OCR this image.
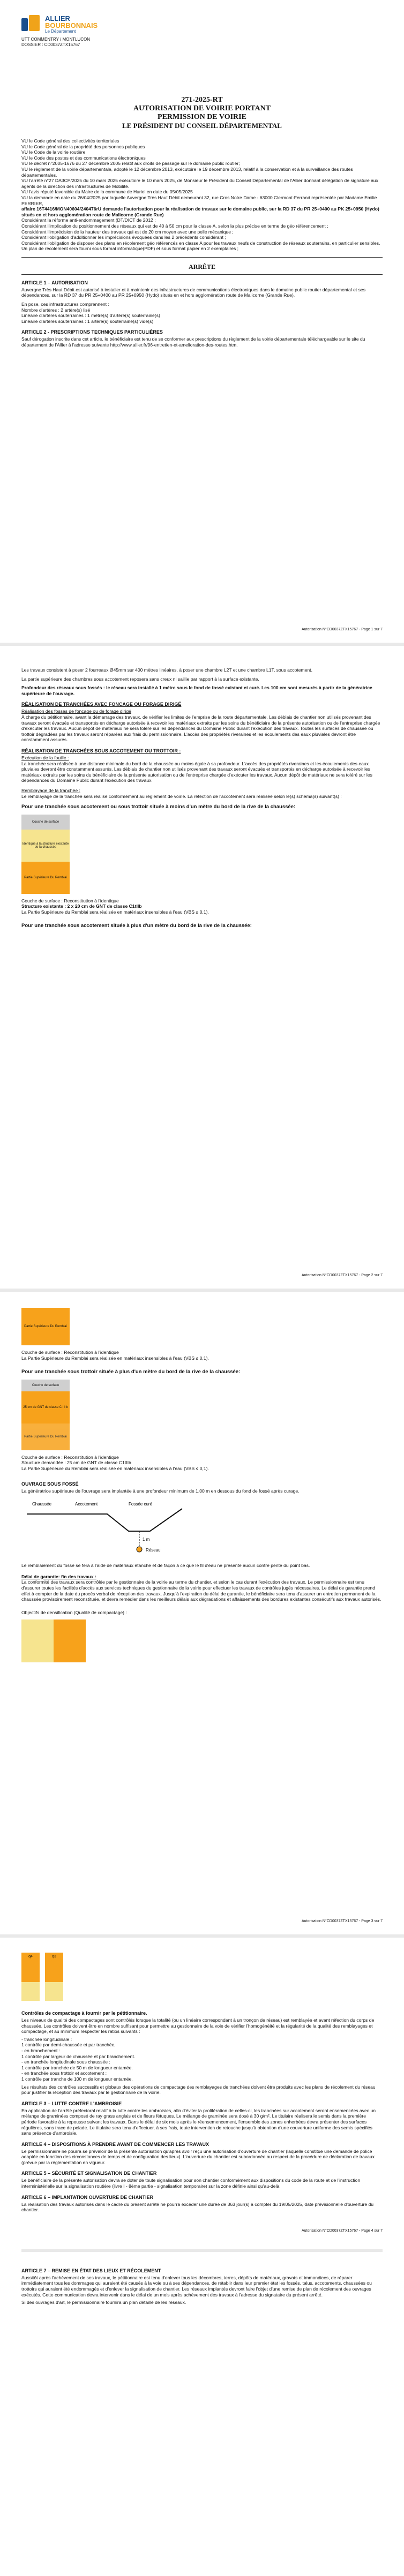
ALLIER
BOURBONNAIS
Le Département
UTT COMMENTRY / MONTLUCON
DOSSIER : CD0037ZTX15767
271-2025-RT
AUTORISATION DE VOIRIE PORTANT
PERMISSION DE VOIRIE
LE PRÉSIDENT DU CONSEIL DÉPARTEMENTAL

VU le Code général des collectivités territoriales

VU le Code général de la propriété des personnes publiques

VU le Code de la voirie routière

VU le Code des postes et des communications électroniques

VU le décret n°2005-1676 du 27 décembre 2005 relatif aux droits de passage sur le domaine public routier;

VU le règlement de la voirie départementale, adopté le 12 décembre 2013, exécutoire le 19 décembre 2013, relatif à la conservation et à la surveillance des routes départementales.

VU l'arrêté n°27 DA3CP/2025 du 10 mars 2025 exécutoire le 10 mars 2025, de Monsieur le Président du Conseil Départemental de l'Allier donnant délégation de signature aux agents de la direction des infrastructures de Mobilité.

VU l'avis réputé favorable du Maire de la commune de Huriel en date du 05/05/2025

VU la demande en date du 26/04/2025 par laquelle Auvergne Très Haut Débit demeurant 32, rue Cros Notre Dame - 63000 Clermont-Ferrand représentée par Madame Emilie PERRIER,

affaire 16T4416/MON40604/240476rU demande l'autorisation pour la réalisation de travaux sur le domaine public, sur la RD 37 du PR 25+0400 au PK 25+0950 (Hydo) situés en et hors agglomération route de Malicorne (Grande Rue)

Considérant la réforme anti-endommagement (DT/DICT de 2012 ;

Considérant l'implication du positionnement des réseaux qui est de 40 à 50 cm pour la classe A, selon la plus précise en terme de géo référencement ;

Considérant l'imprécision de la hauteur des travaux qui est de 20 cm moyen avec une pelle mécanique ;

Considérant l'obligation d'additionner les imprécisions évoquées dans les 2 précédents considérant ;

Considérant l'obligation de disposer des plans en récolement géo référencés en classe A pour les travaux neufs de construction de réseaux souterrains, en particulier sensibles. Un plan de récolement sera fourni sous format informatique(PDF) et sous format papier en 2 exemplaires ;

ARRÊTE
ARTICLE 1 – AUTORISATION

Auvergne Très Haut Débit est autorisé à installer et à maintenir des infrastructures de communications électroniques dans le domaine public routier départemental et ses dépendances, sur la RD 37 du PR 25+0400 au PR 25+0950 (Hydo) situés en et hors agglomération route de Malicorne (Grande Rue).

En pose, ces infrastructures comprennent :

Nombre d'artères : 2 artère(s) lisé

Linéaire d'artères souterraines : 1 mètre(s) d'artère(s) souterraine(s)

Linéaire d'artères souterraines : 1 artère(s) souterraine(s) vide(s)

ARTICLE 2 - PRESCRIPTIONS TECHNIQUES PARTICULIÈRES

Sauf dérogation inscrite dans cet article, le bénéficiaire est tenu de se conformer aux prescriptions du règlement de la voirie départementale téléchargeable sur le site du département de l'Allier à l'adresse suivante http://www.allier.fr/96-entretien-et-amelioration-des-routes.htm.

Autorisation N°CD0037ZTX15767 - Page 1 sur 7

Les travaux consistent à poser 2 fourreaux Ø45mm sur 400 mètres linéaires, à poser une chambre L2T et une chambre L1T, sous accotement.

La partie supérieure des chambres sous accotement reposera sans creux ni saillie par rapport à la surface existante.

Profondeur des réseaux sous fossés : le réseau sera installé à 1 mètre sous le fond de fossé existant et curé. Les 100 cm sont mesurés à partir de la génératrice supérieure de l'ouvrage.

RÉALISATION DE TRANCHÉES AVEC FONCAGE OU FORAGE DIRIGÉ

Réalisation des fosses de fonçage ou de forage dirigé

À charge du pétitionnaire, avant la démarrage des travaux, de vérifier les limites de l'emprise de la route départementale. Les déblais de chantier non utilisés provenant des travaux seront évacués et transportés en décharge autorisée à recevoir les matériaux extraits par les soins du bénéficiaire de la présente autorisation ou de l'entreprise chargée d'exécuter les travaux. Aucun dépôt de matériaux ne sera toléré sur les dépendances du Domaine Public durant l'exécution des travaux. Toutes les surfaces de chaussée ou trottoir dégradées par les travaux seront réparées aux frais du permissionnaire. L'accès des propriétés riveraines et les écoulements des eaux pluviales devront être constamment assurés.

RÉALISATION DE TRANCHÉES SOUS ACCOTEMENT OU TROTTOIR :

Exécution de la fouille :

La tranchée sera réalisée à une distance minimale du bord de la chaussée au moins égale à sa profondeur. L'accès des propriétés riveraines et les écoulements des eaux pluviales devront être constamment assurés. Les déblais de chantier non utilisés provenant des travaux seront évacués et transportés en décharge autorisée à recevoir les matériaux extraits par les soins du bénéficiaire de la présente autorisation ou de l'entreprise chargée d'exécuter les travaux. Aucun dépôt de matériaux ne sera toléré sur les dépendances du Domaine Public durant l'exécution des travaux.

Remblayage de la tranchée :

Le remblayage de la tranchée sera réalisé conformément au règlement de voirie. La réfection de l'accotement sera réalisée selon le(s) schéma(s) suivant(s) :

Pour une tranchée sous accotement ou sous trottoir située à moins d'un mètre du bord de la rive de la chaussée:

Couche de surface
Identique à la structure existante de la chaussée
Partie Supérieure Du Remblai

Couche de surface : Reconstitution à l'identique

Structure existante : 2 x 20 cm de GNT de classe C1tIIb

La Partie Supérieure du Remblai sera réalisée en matériaux insensibles à l'eau (VBS ≤ 0,1).

Pour une tranchée sous accotement située à plus d'un mètre du bord de la rive de la chaussée:

Autorisation N°CD0037ZTX15767 - Page 2 sur 7
Partie Supérieure Du Remblai

Couche de surface : Reconstitution à l'identique

La Partie Supérieure du Remblai sera réalisée en matériaux insensibles à l'eau (VBS ≤ 0,1).

Pour une tranchée sous trottoir située à plus d'un mètre du bord de la rive de la chaussée:

Couche de surface
25 cm de GNT de classe C III b
Partie Supérieure Du Remblai

Couche de surface : Reconstitution à l'identique

Structure demandée : 25 cm de GNT de classe C1tIIb

La Partie Supérieure du Remblai sera réalisée en matériaux insensibles à l'eau (VBS ≤ 0,1).

OUVRAGE SOUS FOSSÉ

La génératrice supérieure de l'ouvrage sera implantée à une profondeur minimum de 1.00 m en dessous du fond de fossé après curage.

Chaussée	Accotement	Fossée curé
1 m
Réseau

Le remblaiement du fossé se fera à l'aide de matériaux étanche et de façon à ce que le fil d'eau ne présente aucun contre pente du point bas.

Délai de garantie: fin des travaux :

La conformité des travaux sera contrôlée par le gestionnaire de la voirie au terme du chantier, et selon le cas durant l'exécution des travaux. Le permissionnaire est tenu d'assurer toutes les facilités d'accès aux services techniques du gestionnaire de la voirie pour effectuer les travaux de contrôles jugés nécessaires. Le délai de garantie prend effet à compter de la date du procès verbal de réception des travaux. Jusqu'à l'expiration du délai de garantie, le bénéficiaire sera tenu d'assurer un entretien permanent de la chaussée provisoirement reconstituée, et devra remédier dans les meilleurs délais aux dégradations et affaissements des bordures existantes consécutifs aux travaux autorisés.

Objectifs de densification (Qualité de compactage) :

Autorisation N°CD0037ZTX15767 - Page 3 sur 7
q4	q3
Contrôles de compactage à fournir par le pétitionnaire.

Les niveaux de qualité des compactages sont contrôlés lorsque la totalité (ou un linéaire correspondant à un tronçon de réseau) est remblayée et avant réfection du corps de chaussée. Les contrôles doivent être en nombre suffisant pour permettre au gestionnaire de la voie de vérifier l'homogénéité et la régularité de la qualité des remblayages et compactage, et au minimum respecter les ratios suivants :

- tranchée longitudinale :

1 contrôle par demi-chaussée et par tranchée,

- en branchement :

1 contrôle par largeur de chaussée et par branchement.

- en tranchée longitudinale sous chaussée :

1 contrôle par tranchée de 50 m de longueur entamée.

- en tranchée sous trottoir et accotement :

1 contrôle par tranche de 100 m de longueur entamée.

Les résultats des contrôles successifs et globaux des opérations de compactage des remblayages de tranchées doivent être produits avec les plans de récolement du réseau pour justifier la réception des travaux par le gestionnaire de la voirie.

ARTICLE 3 – LUTTE CONTRE L'AMBROISIE

En application de l'arrêté préfectoral relatif à la lutte contre les ambroisies, afin d'éviter la prolifération de celles-ci, les tranchées sur accotement seront ensemencées avec un mélange de graminées composé de ray grass anglais et de fleurs fétuques. Le mélange de graminée sera dosé à 30 g/m². Le titulaire réalisera le semis dans la première période favorable à la repousse suivant les travaux. Dans le délai de six mois après le réensemencement, l'ensemble des zones enherbées devra présenter des surfaces régulières, sans trace de pelade. Le titulaire sera tenu d'effectuer, à ses frais, toute intervention de retouche jusqu'à obtention d'une couverture uniforme des semis spécifiés sans présence d'ambroisie.

ARTICLE 4 – DISPOSITIONS À PRENDRE AVANT DE COMMENCER LES TRAVAUX

Le permissionnaire ne pourra se prévaloir de la présente autorisation qu'après avoir reçu une autorisation d'ouverture de chantier (laquelle constitue une demande de police adaptée en fonction des circonstances de temps et de configuration des lieux). L'ouverture du chantier est subordonnée au respect de la procédure de déclaration de travaux (prévue par la réglementation en vigueur.

ARTICLE 5 – SÉCURITÉ ET SIGNALISATION DE CHANTIER

Le bénéficiaire de la présente autorisation devra se doter de toute signalisation pour son chantier conformément aux dispositions du code de la route et de l'instruction interministérielle sur la signalisation routière (livre I - 8ème partie - signalisation temporaire) sur la zone définie ainsi qu'au-delà.

ARTICLE 6 – IMPLANTATION OUVERTURE DE CHANTIER

La réalisation des travaux autorisés dans le cadre du présent arrêté ne pourra excéder une durée de 363 jour(s) à compter du 19/05/2025, date prévisionnelle d'ouverture du chantier.

Autorisation N°CD0037ZTX15767 - Page 4 sur 7
ARTICLE 7 – REMISE EN ÉTAT DES LIEUX ET RÉCOLEMENT

Aussitôt après l'achèvement de ses travaux, le pétitionnaire est tenu d'enlever tous les décombres, terres, dépôts de matériaux, gravats et immondices, de réparer immédiatement tous les dommages qui auraient été causés à la voie ou à ses dépendances, de rétablir dans leur premier état les fossés, talus, accotements, chaussées ou trottoirs qui auraient été endommagés et d'enlever la signalisation de chantier. Les réseaux implantés devront faire l'objet d'une remise de plan de récolement des ouvrages exécutés. Cette communication devra intervenir dans le délai de un mois après achèvement des travaux à l'adresse du signataire du présent arrêté.

Si des ouvrages d'art, le permissionnaire fournira un plan détaillé de les réseaux.
